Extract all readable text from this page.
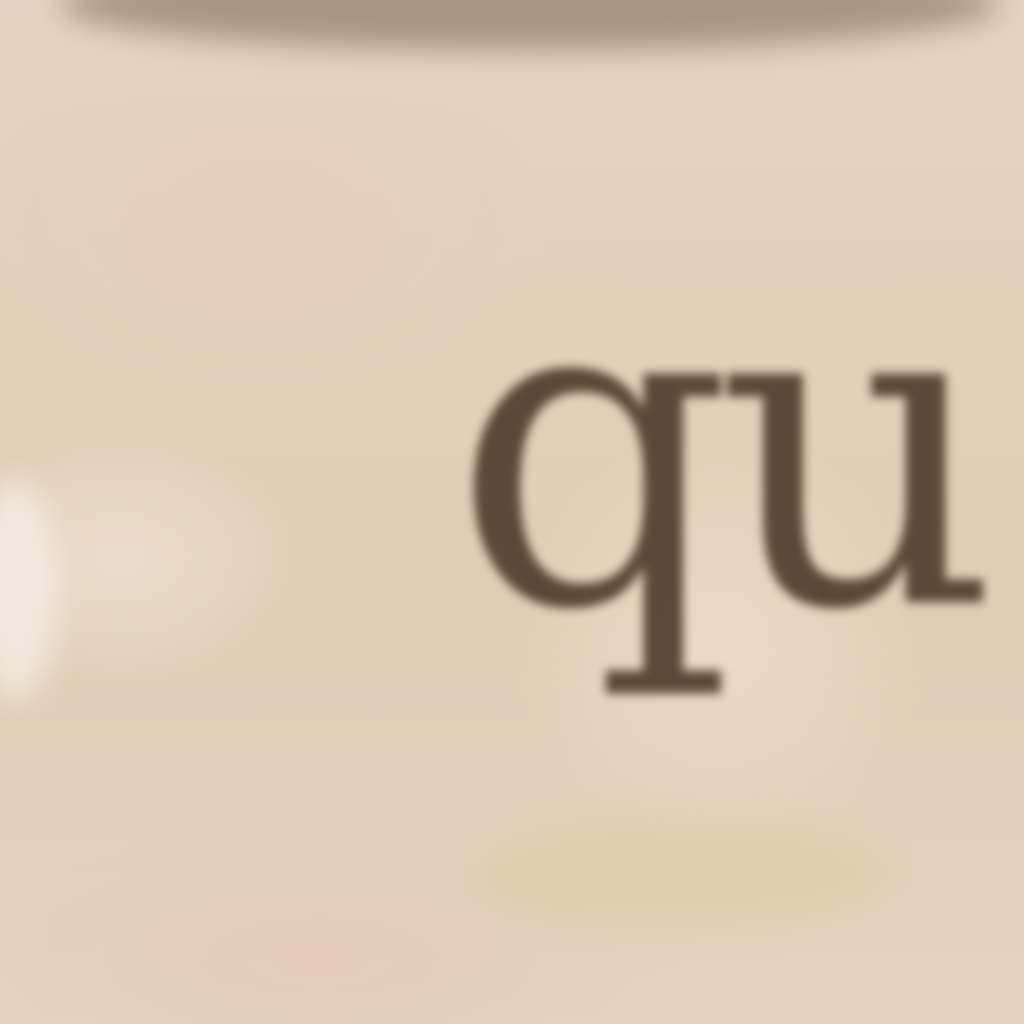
qu
